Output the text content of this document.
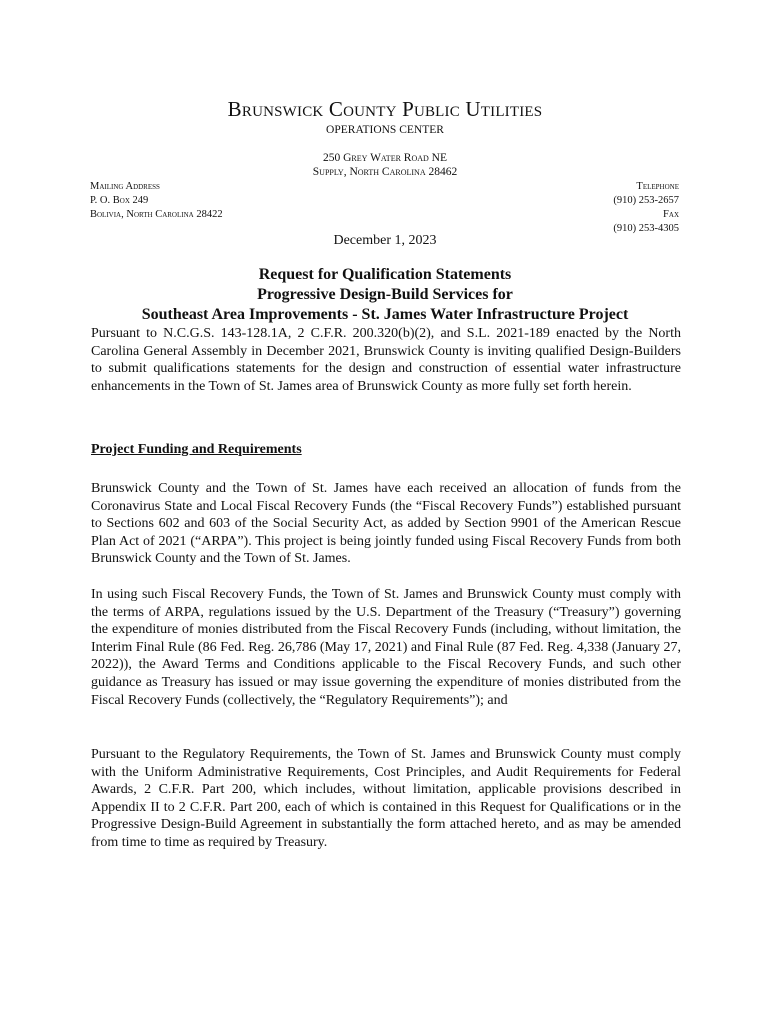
Brunswick County Public Utilities
OPERATIONS CENTER
250 Grey Water Road NE
Supply, North Carolina 28462
Mailing Address
P. O. Box 249
Bolivia, North Carolina 28422
Telephone
(910) 253-2657
Fax
(910) 253-4305
December 1, 2023
Request for Qualification Statements
Progressive Design-Build Services for
Southeast Area Improvements - St. James Water Infrastructure Project
Pursuant to N.C.G.S. 143-128.1A, 2 C.F.R. 200.320(b)(2), and S.L. 2021-189 enacted by the North Carolina General Assembly in December 2021, Brunswick County is inviting qualified Design-Builders to submit qualifications statements for the design and construction of essential water infrastructure enhancements in the Town of St. James area of Brunswick County as more fully set forth herein.
Project Funding and Requirements
Brunswick County and the Town of St. James have each received an allocation of funds from the Coronavirus State and Local Fiscal Recovery Funds (the “Fiscal Recovery Funds”) established pursuant to Sections 602 and 603 of the Social Security Act, as added by Section 9901 of the American Rescue Plan Act of 2021 (“ARPA”). This project is being jointly funded using Fiscal Recovery Funds from both Brunswick County and the Town of St. James.
In using such Fiscal Recovery Funds, the Town of St. James and Brunswick County must comply with the terms of ARPA, regulations issued by the U.S. Department of the Treasury (“Treasury”) governing the expenditure of monies distributed from the Fiscal Recovery Funds (including, without limitation, the Interim Final Rule (86 Fed. Reg. 26,786 (May 17, 2021) and Final Rule (87 Fed. Reg. 4,338 (January 27, 2022)), the Award Terms and Conditions applicable to the Fiscal Recovery Funds, and such other guidance as Treasury has issued or may issue governing the expenditure of monies distributed from the Fiscal Recovery Funds (collectively, the “Regulatory Requirements”); and
Pursuant to the Regulatory Requirements, the Town of St. James and Brunswick County must comply with the Uniform Administrative Requirements, Cost Principles, and Audit Requirements for Federal Awards, 2 C.F.R. Part 200, which includes, without limitation, applicable provisions described in Appendix II to 2 C.F.R. Part 200, each of which is contained in this Request for Qualifications or in the Progressive Design-Build Agreement in substantially the form attached hereto, and as may be amended from time to time as required by Treasury.
